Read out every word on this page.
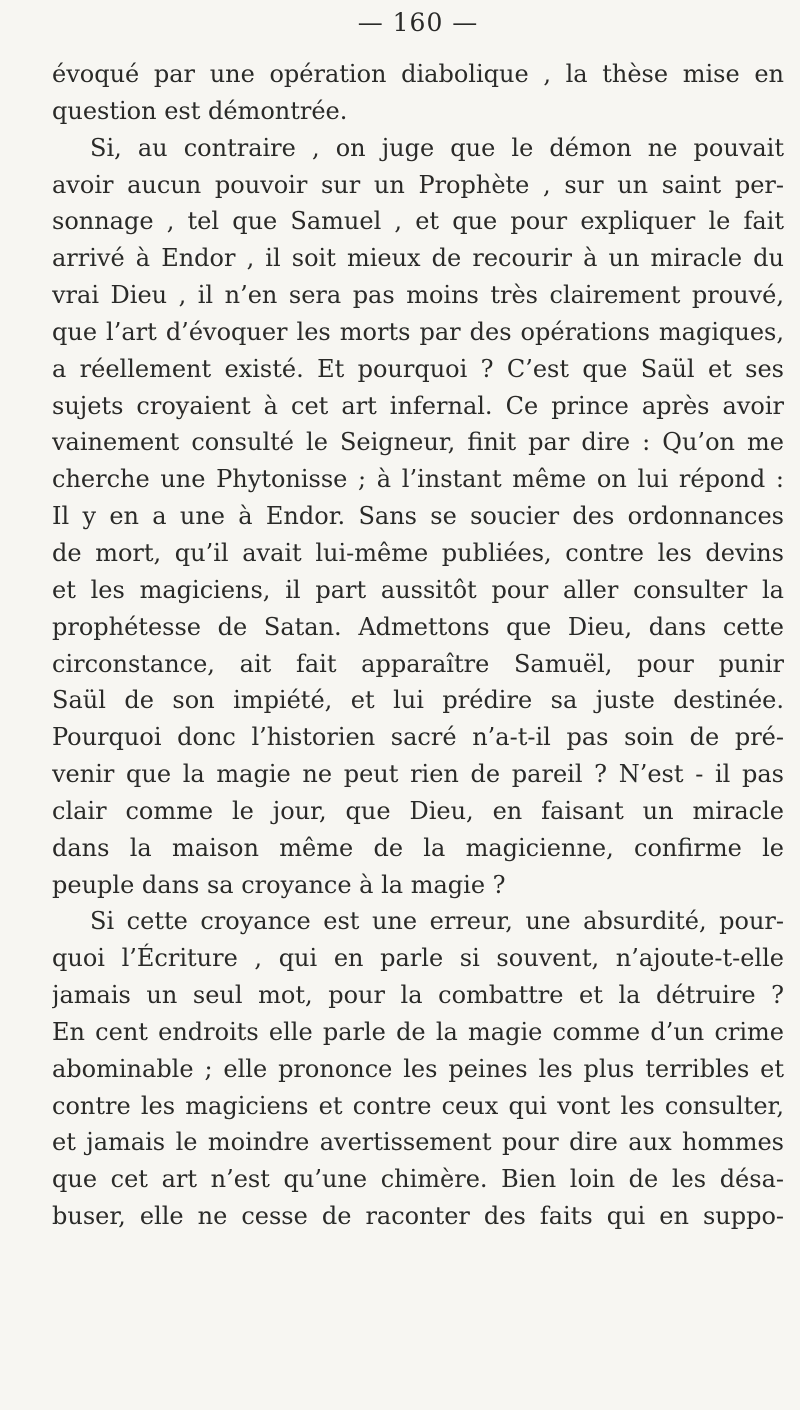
— 160 —
évoqué par une opération diabolique , la thèse mise en
question est démontrée.
Si, au contraire , on juge que le démon ne pouvait
avoir aucun pouvoir sur un Prophète , sur un saint per-
sonnage , tel que Samuel , et que pour expliquer le fait
arrivé à Endor , il soit mieux de recourir à un miracle du
vrai Dieu , il n’en sera pas moins très clairement prouvé,
que l’art d’évoquer les morts par des opérations magiques,
a réellement existé. Et pourquoi ? C’est que Saül et ses
sujets croyaient à cet art infernal. Ce prince après avoir
vainement consulté le Seigneur, finit par dire : Qu’on me
cherche une Phytonisse ; à l’instant même on lui répond :
Il y en a une à Endor. Sans se soucier des ordonnances
de mort, qu’il avait lui-même publiées, contre les devins
et les magiciens, il part aussitôt pour aller consulter la
prophétesse de Satan. Admettons que Dieu, dans cette
circonstance, ait fait apparaître Samuël, pour punir
Saül de son impiété, et lui prédire sa juste destinée.
Pourquoi donc l’historien sacré n’a-t-il pas soin de pré-
venir que la magie ne peut rien de pareil ? N’est - il pas
clair comme le jour, que Dieu, en faisant un miracle
dans la maison même de la magicienne, confirme le
peuple dans sa croyance à la magie ?
Si cette croyance est une erreur, une absurdité, pour-
quoi l’Écriture , qui en parle si souvent, n’ajoute-t-elle
jamais un seul mot, pour la combattre et la détruire ?
En cent endroits elle parle de la magie comme d’un crime
abominable ; elle prononce les peines les plus terribles et
contre les magiciens et contre ceux qui vont les consulter,
et jamais le moindre avertissement pour dire aux hommes
que cet art n’est qu’une chimère. Bien loin de les désa-
buser, elle ne cesse de raconter des faits qui en suppo-
